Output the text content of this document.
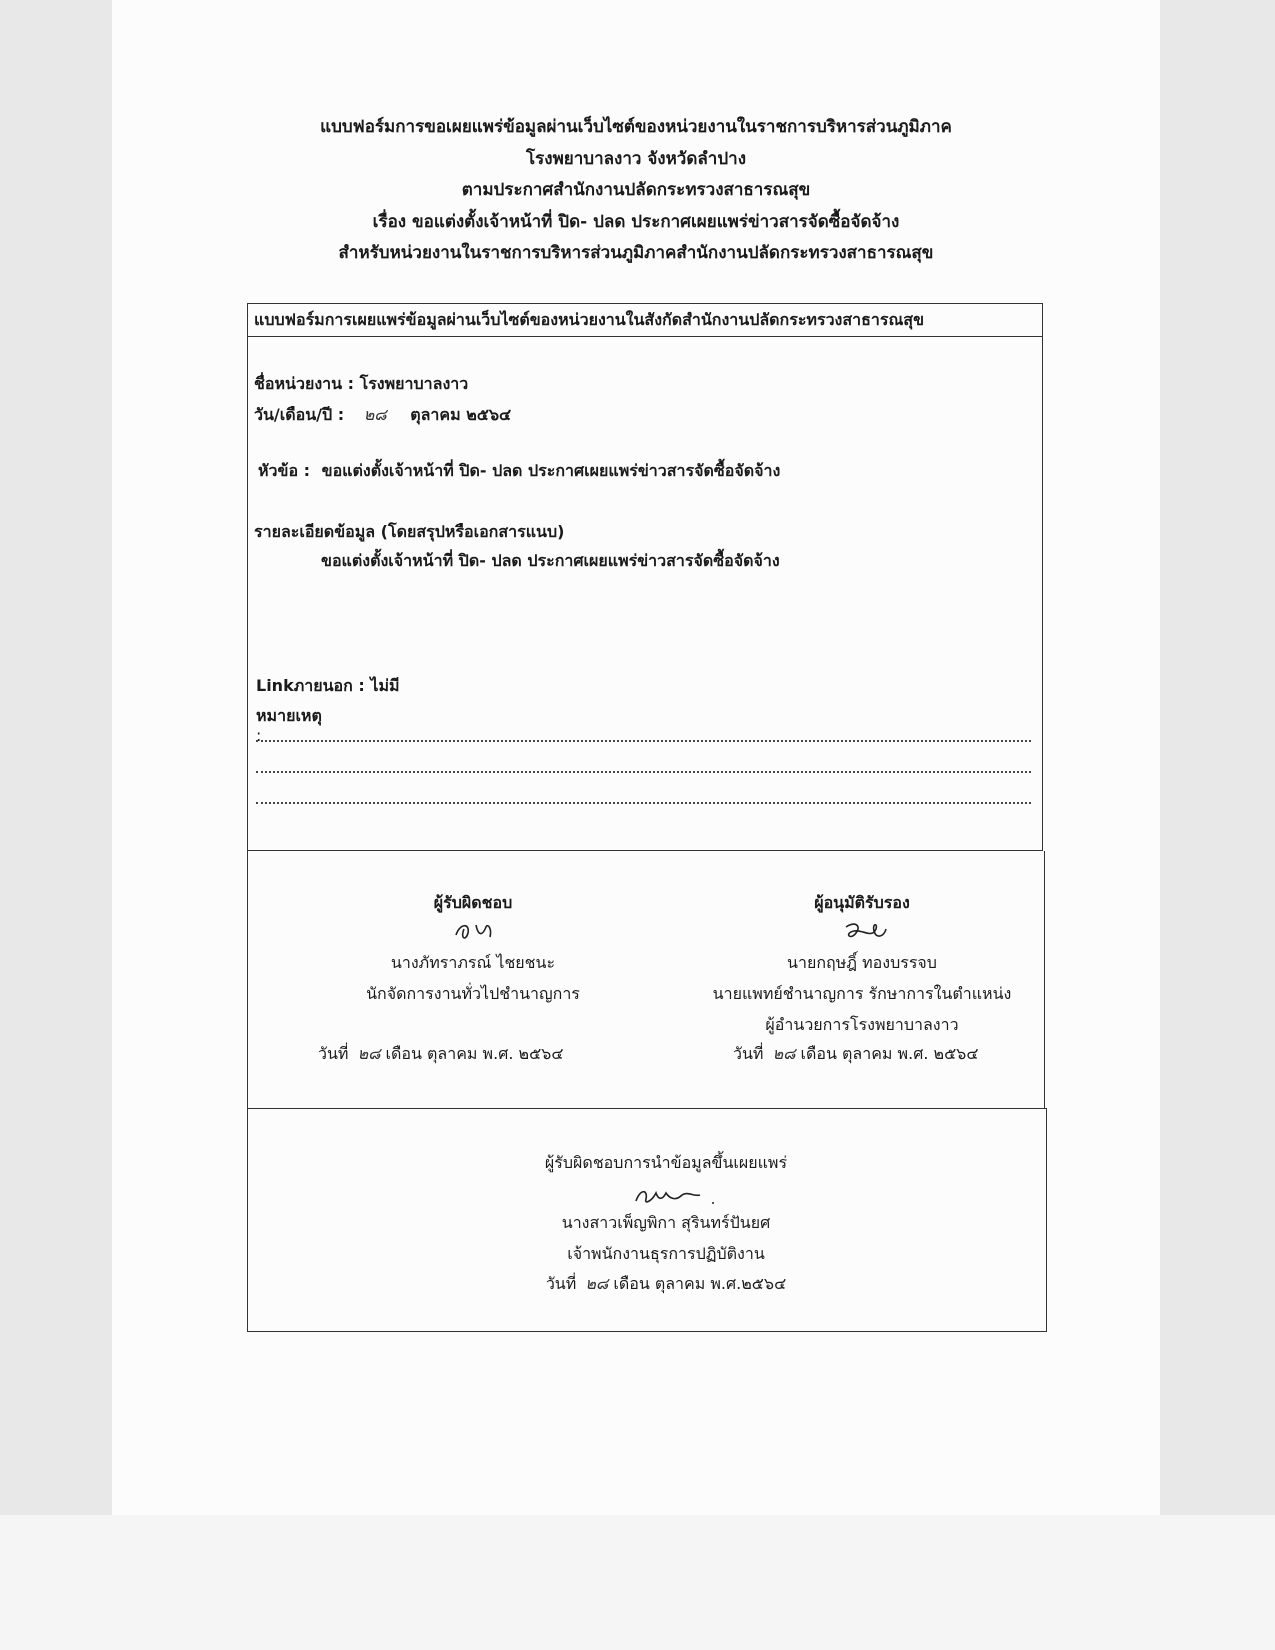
แบบฟอร์มการขอเผยแพร่ข้อมูลผ่านเว็บไซต์ของหน่วยงานในราชการบริหารส่วนภูมิภาค
โรงพยาบาลงาว จังหวัดลำปาง
ตามประกาศสำนักงานปลัดกระทรวงสาธารณสุข
เรื่อง ขอแต่งตั้งเจ้าหน้าที่ ปิด- ปลด ประกาศเผยแพร่ข่าวสารจัดซื้อจัดจ้าง
สำหรับหน่วยงานในราชการบริหารส่วนภูมิภาคสำนักงานปลัดกระทรวงสาธารณสุข
แบบฟอร์มการเผยแพร่ข้อมูลผ่านเว็บไซต์ของหน่วยงานในสังกัดสำนักงานปลัดกระทรวงสาธารณสุข
ชื่อหน่วยงาน : โรงพยาบาลงาว
วัน/เดือน/ปี : ๒๘ ตุลาคม ๒๕๖๔
หัวข้อ : ขอแต่งตั้งเจ้าหน้าที่ ปิด- ปลด ประกาศเผยแพร่ข่าวสารจัดซื้อจัดจ้าง
รายละเอียดข้อมูล (โดยสรุปหรือเอกสารแนบ)
ขอแต่งตั้งเจ้าหน้าที่ ปิด- ปลด ประกาศเผยแพร่ข่าวสารจัดซื้อจัดจ้าง
Linkภายนอก : ไม่มี
หมายเหตุ
:
ผู้รับผิดชอบ
นางภัทราภรณ์ ไชยชนะ
นักจัดการงานทั่วไปชำนาญการ
วันที่ ๒๘ เดือน ตุลาคม พ.ศ. ๒๕๖๔
ผู้อนุมัติรับรอง
นายกฤษฎิ์ ทองบรรจบ
นายแพทย์ชำนาญการ รักษาการในตำแหน่ง
ผู้อำนวยการโรงพยาบาลงาว
วันที่ ๒๘ เดือน ตุลาคม พ.ศ. ๒๕๖๔
ผู้รับผิดชอบการนำข้อมูลขึ้นเผยแพร่
นางสาวเพ็ญพิกา สุรินทร์ปันยศ
เจ้าพนักงานธุรการปฏิบัติงาน
วันที่ ๒๘ เดือน ตุลาคม พ.ศ.๒๕๖๔
